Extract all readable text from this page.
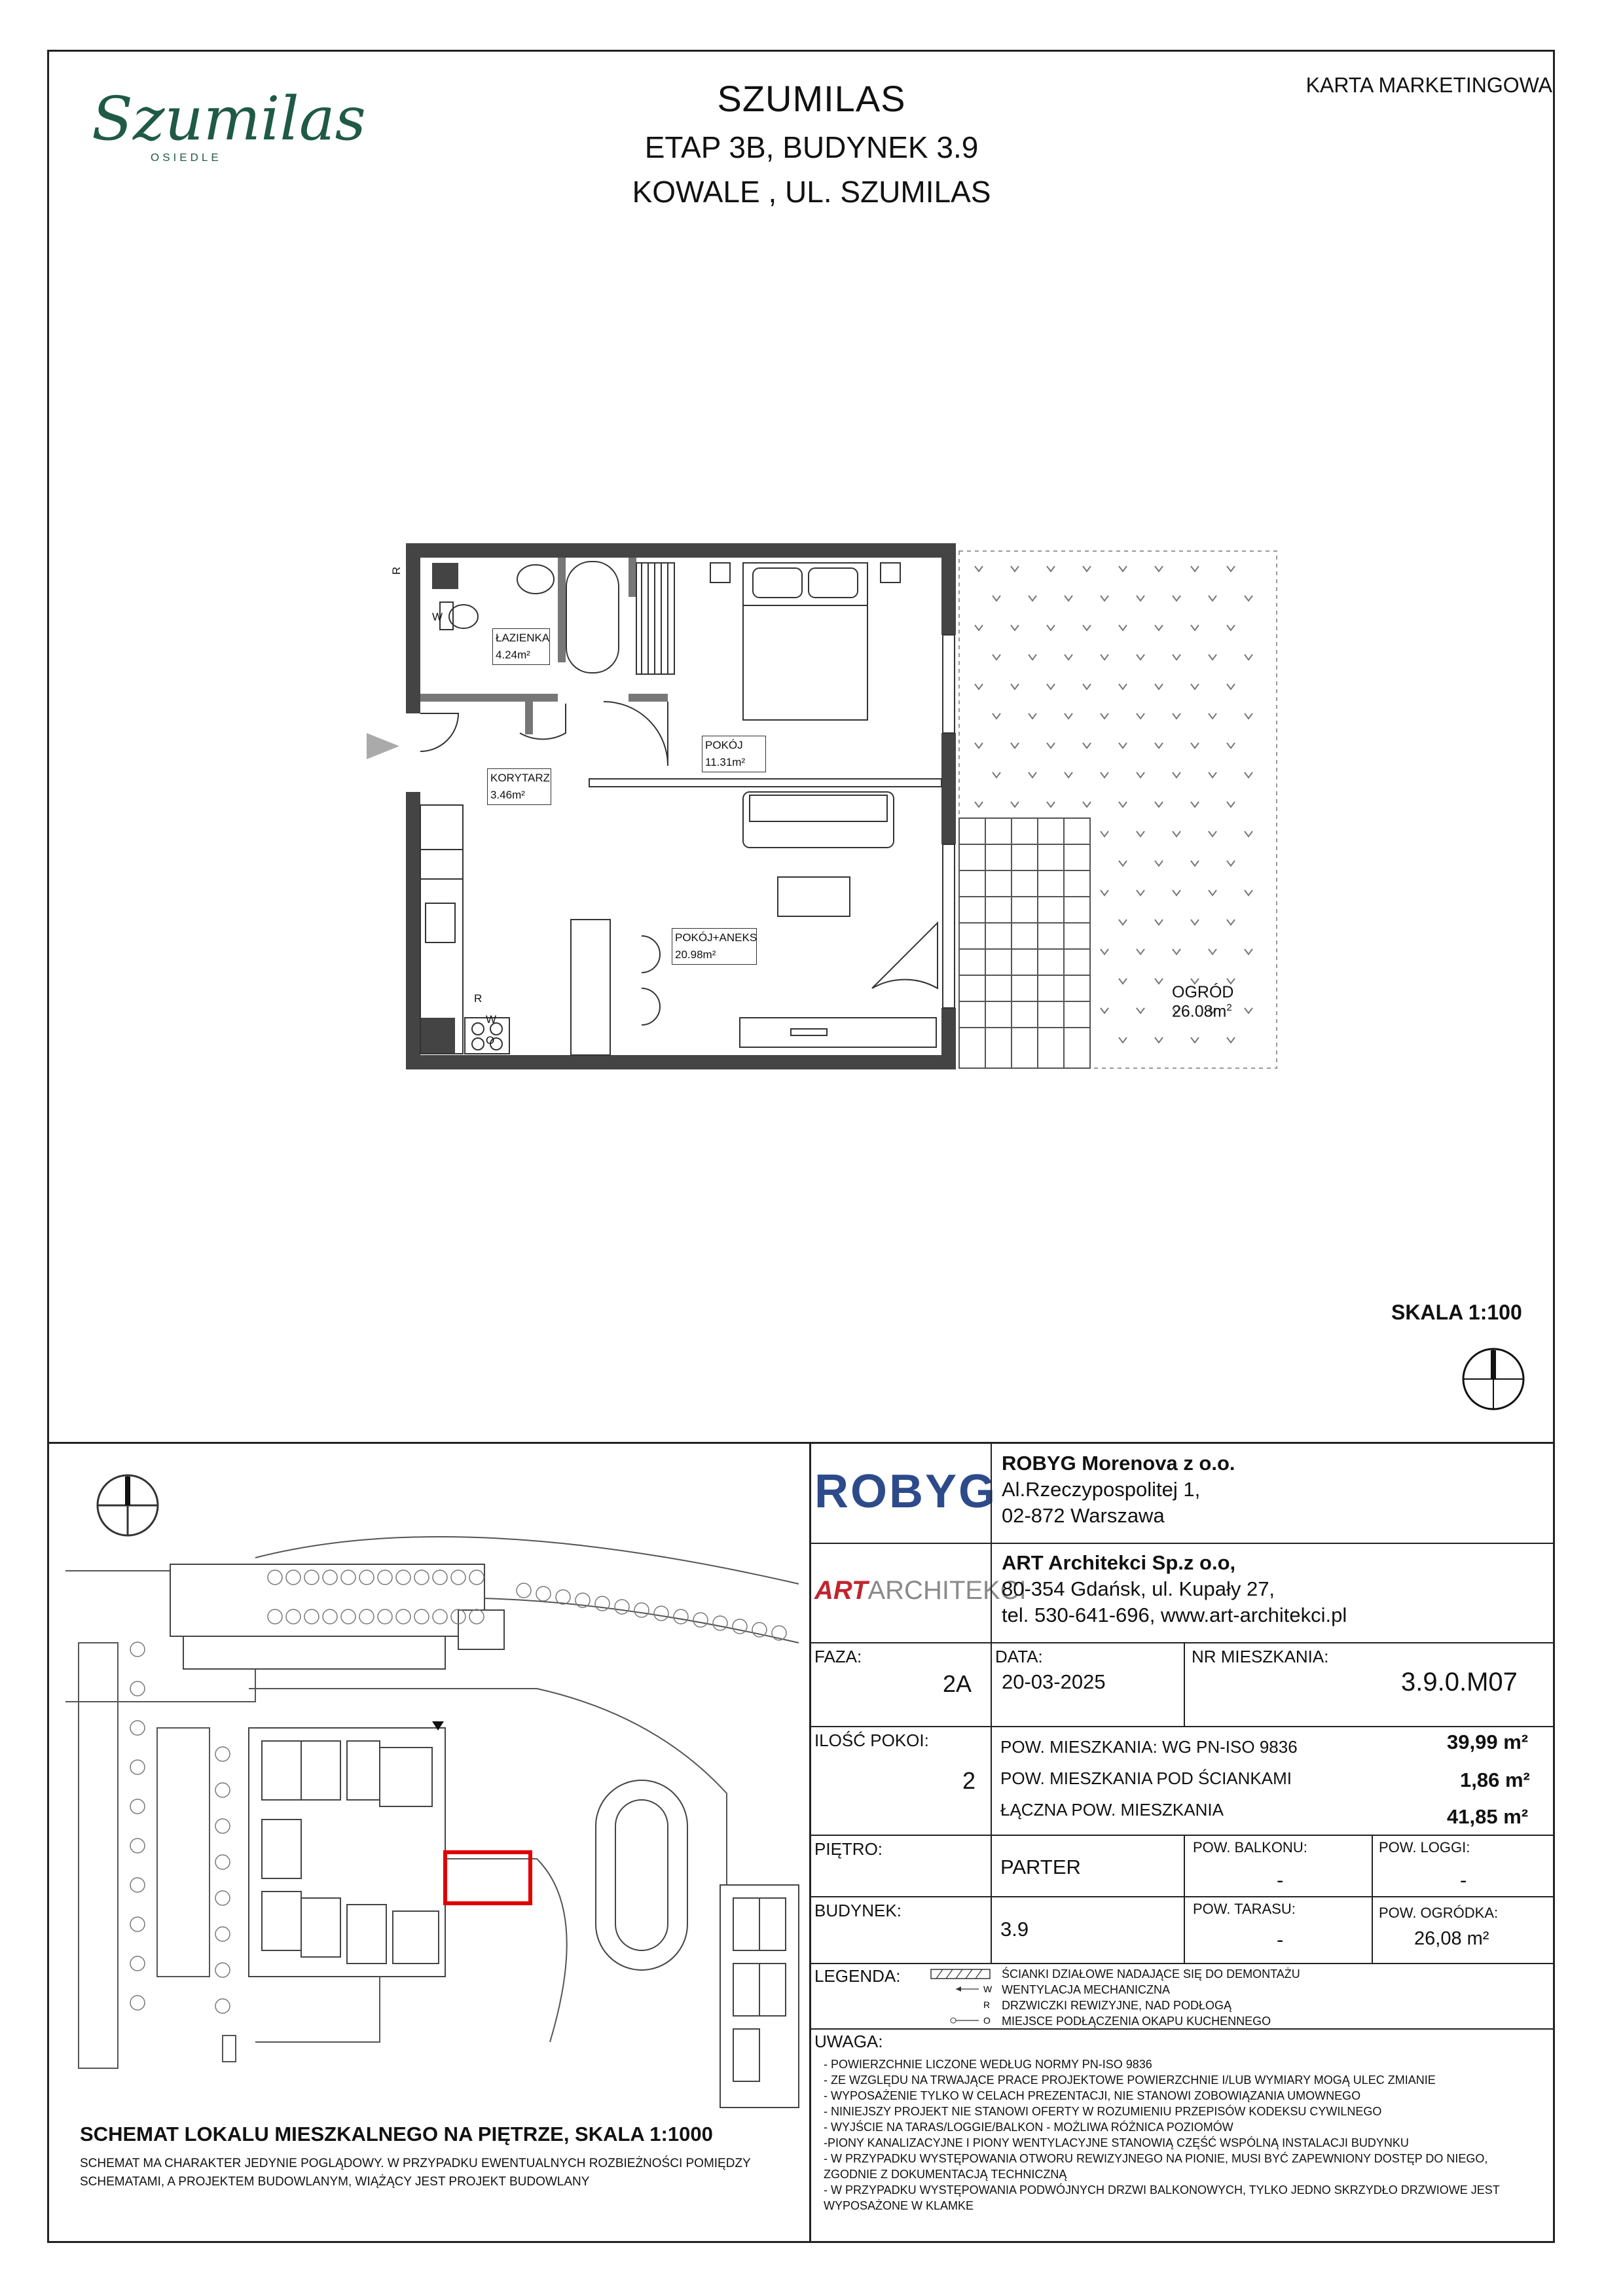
Szumilas
OSIEDLE
SZUMILAS
ETAP 3B, BUDYNEK 3.9
KOWALE , UL. SZUMILAS
KARTA MARKETINGOWA
ŁAZIENKA
4.24m²
KORYTARZ
3.46m²
POKÓJ
11.31m²
POKÓJ+ANEKS
20.98m²
OGRÓD
$26.08m^2$
R
W
R
W
O
SKALA 1:100
SCHEMAT LOKALU MIESZKALNEGO NA PIĘTRZE, SKALA 1:1000
SCHEMAT MA CHARAKTER JEDYNIE POGLĄDOWY. W PRZYPADKU EWENTUALNYCH ROZBIEŻNOŚCI POMIĘDZY SCHEMATAMI, A PROJEKTEM BUDOWLANYM, WIĄŻĄCY JEST PROJEKT BUDOWLANY
ROBYG
ROBYG Morenova z o.o.
Al.Rzeczypospolitej 1,
02-872 Warszawa
ARTARCHITEKCI
ART Architekci Sp.z o.o,
80-354 Gdańsk, ul. Kupały 27,
tel. 530-641-696, www.art-architekci.pl
FAZA:
2A
DATA:
20-03-2025
NR MIESZKANIA:
3.9.0.M07
ILOŚĆ POKOI:
2
POW. MIESZKANIA: WG PN-ISO 9836	39,99 m²
POW. MIESZKANIA POD ŚCIANKAMI	1,86 m²
ŁĄCZNA POW. MIESZKANIA	41,85 m²
PIĘTRO:
PARTER
POW. BALKONU:
-
POW. LOGGI:
-
BUDYNEK:
3.9
POW. TARASU:
-
POW. OGRÓDKA:
26,08 m²
LEGENDA:
W
R
O
ŚCIANKI DZIAŁOWE NADAJĄCE SIĘ DO DEMONTAŻU
WENTYLACJA MECHANICZNA
DRZWICZKI REWIZYJNE, NAD PODŁOGĄ
MIEJSCE PODŁĄCZENIA OKAPU KUCHENNEGO
UWAGA:
- POWIERZCHNIE LICZONE WEDŁUG NORMY PN-ISO 9836
- ZE WZGLĘDU NA TRWAJĄCE PRACE PROJEKTOWE POWIERZCHNIE I/LUB WYMIARY MOGĄ ULEC ZMIANIE
- WYPOSAŻENIE TYLKO W CELACH PREZENTACJI, NIE STANOWI ZOBOWIĄZANIA UMOWNEGO
- NINIEJSZY PROJEKT NIE STANOWI OFERTY W ROZUMIENIU PRZEPISÓW KODEKSU CYWILNEGO
- WYJŚCIE NA TARAS/LOGGIE/BALKON - MOŻLIWA RÓŻNICA POZIOMÓW
-PIONY KANALIZACYJNE I PIONY WENTYLACYJNE STANOWIĄ CZĘŚĆ WSPÓLNĄ INSTALACJI BUDYNKU
- W PRZYPADKU WYSTĘPOWANIA OTWORU REWIZYJNEGO NA PIONIE, MUSI BYĆ ZAPEWNIONY DOSTĘP DO NIEGO,
ZGODNIE Z DOKUMENTACJĄ TECHNICZNĄ
- W PRZYPADKU WYSTĘPOWANIA PODWÓJNYCH DRZWI BALKONOWYCH, TYLKO JEDNO SKRZYDŁO DRZWIOWE JEST
WYPOSAŻONE W KLAMKE
